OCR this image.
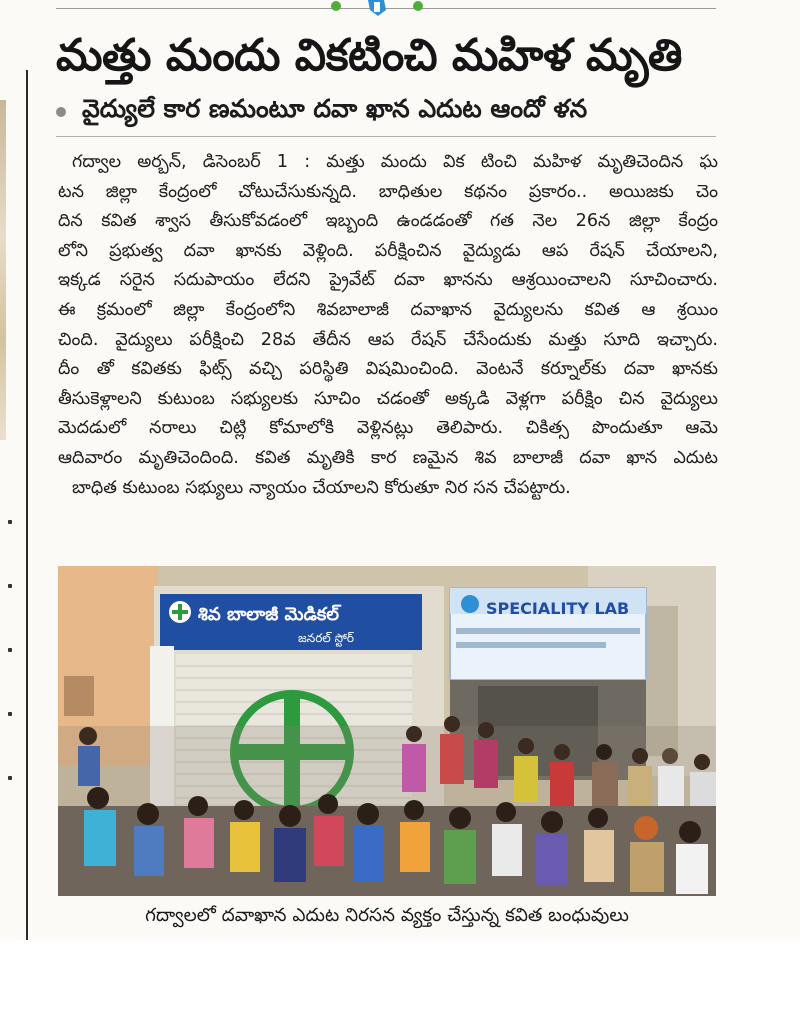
మత్తు మందు వికటించి మహిళ మృతి
వైద్యులే కార ణమంటూ దవా ఖాన ఎదుట ఆందో ళన

గద్వాల అర్బన్, డిసెంబర్ 1 : మత్తు మందు విక టించి మహిళ మృతిచెందిన ఘ

టన జిల్లా కేంద్రంలో చోటుచేసుకున్నది. బాధితుల కథనం ప్రకారం.. అయిజకు చెం

దిన కవిత శ్వాస తీసుకోవడంలో ఇబ్బంది ఉండడంతో గత నెల 26న జిల్లా కేంద్రం

లోని ప్రభుత్వ దవా ఖానకు వెళ్లింది. పరీక్షించిన వైద్యుడు ఆప రేషన్ చేయాలని,

ఇక్కడ సరైన సదుపాయం లేదని ప్రైవేట్ దవా ఖానను ఆశ్రయించాలని సూచించారు.

ఈ క్రమంలో జిల్లా కేంద్రంలోని శివబాలాజీ దవాఖాన వైద్యులను కవిత ఆ శ్రయిం

చింది. వైద్యులు పరీక్షించి 28వ తేదీన ఆప రేషన్ చేసేందుకు మత్తు సూది ఇచ్చారు.

దీం తో కవితకు ఫిట్స్ వచ్చి పరిస్థితి విషమించింది. వెంటనే కర్నూల్‌కు దవా ఖానకు

తీసుకెళ్లాలని కుటుంబ సభ్యులకు సూచిం చడంతో అక్కడి వెళ్లగా పరీక్షిం చిన వైద్యులు

మెదడులో నరాలు చిట్లి కోమాలోకి వెళ్లినట్లు తెలిపారు. చికిత్స పొందుతూ ఆమె

ఆదివారం మృతిచెందింది. కవిత మృతికి కార ణమైన శివ బాలాజీ దవా ఖాన ఎదుట

బాధిత కుటుంబ సభ్యులు న్యాయం చేయాలని కోరుతూ నిర సన చేపట్టారు.

శివ బాలాజీ మెడికల్
జనరల్ స్టోర్
SPECIALITY LAB
గద్వాలలో దవాఖాన ఎదుట నిరసన వ్యక్తం చేస్తున్న కవిత బంధువులు
